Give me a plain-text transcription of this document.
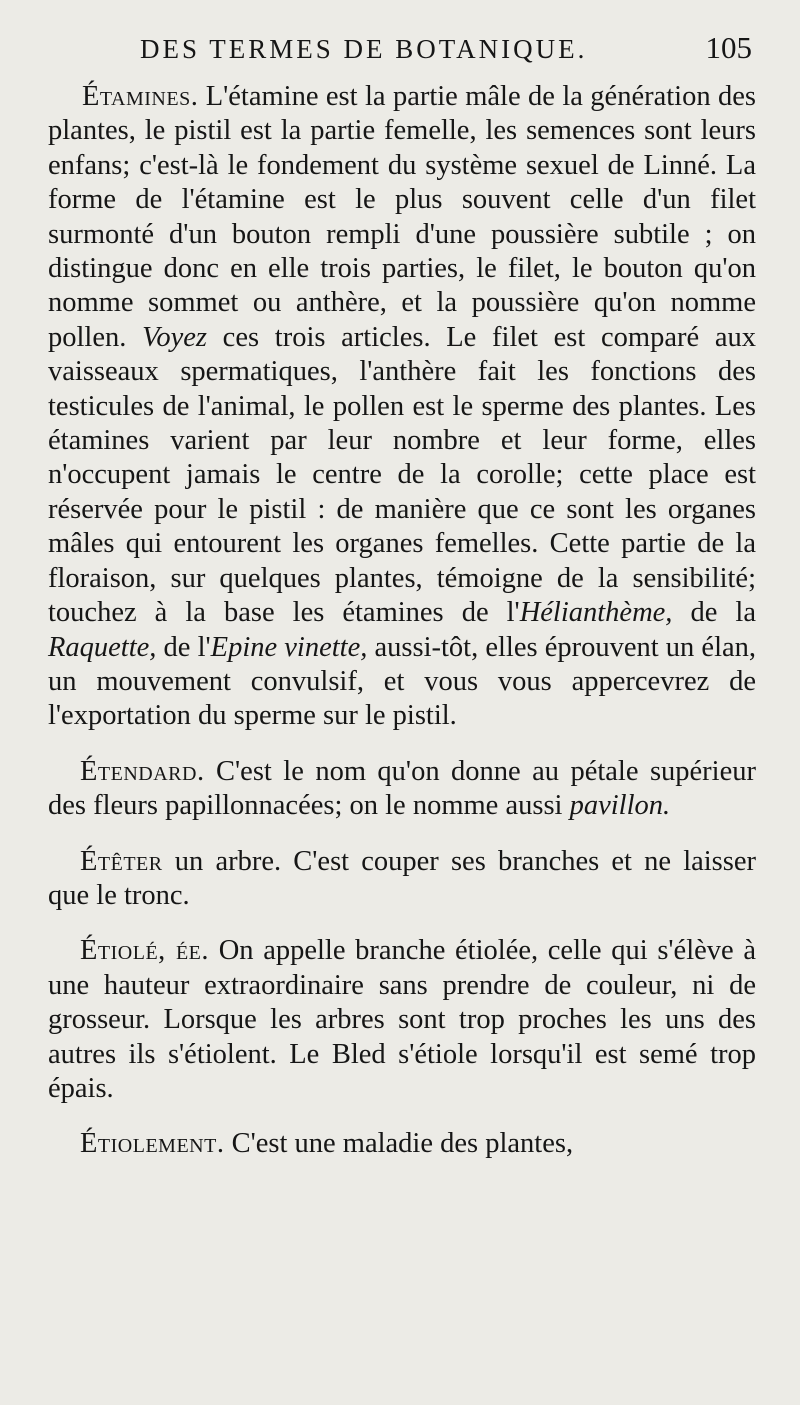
DES TERMES DE BOTANIQUE.	105

Étamines. L'étamine est la partie mâle de la génération des plantes, le pistil est la partie femelle, les semences sont leurs enfans; c'est-là le fondement du système sexuel de Linné. La forme de l'étamine est le plus souvent celle d'un filet surmonté d'un bouton rempli d'une poussière subtile ; on distingue donc en elle trois parties, le filet, le bouton qu'on nomme sommet ou anthère, et la poussière qu'on nomme pollen. Voyez ces trois articles. Le filet est comparé aux vaisseaux spermatiques, l'anthère fait les fonctions des testicules de l'animal, le pollen est le sperme des plantes. Les étamines varient par leur nombre et leur forme, elles n'occupent jamais le centre de la corolle; cette place est réservée pour le pistil : de manière que ce sont les organes mâles qui entourent les organes femelles. Cette partie de la floraison, sur quelques plantes, témoigne de la sensibilité; touchez à la base les étamines de l'Hélianthème, de la Raquette, de l'Epine vinette, aussi-tôt, elles éprouvent un élan, un mouvement convulsif, et vous vous appercevrez de l'exportation du sperme sur le pistil.

Étendard. C'est le nom qu'on donne au pétale supérieur des fleurs papillonnacées; on le nomme aussi pavillon.

Étêter un arbre. C'est couper ses branches et ne laisser que le tronc.

Étiolé, ée. On appelle branche étiolée, celle qui s'élève à une hauteur extraordinaire sans prendre de couleur, ni de grosseur. Lorsque les arbres sont trop proches les uns des autres ils s'étiolent. Le Bled s'étiole lorsqu'il est semé trop épais.

Étiolement. C'est une maladie des plantes,
